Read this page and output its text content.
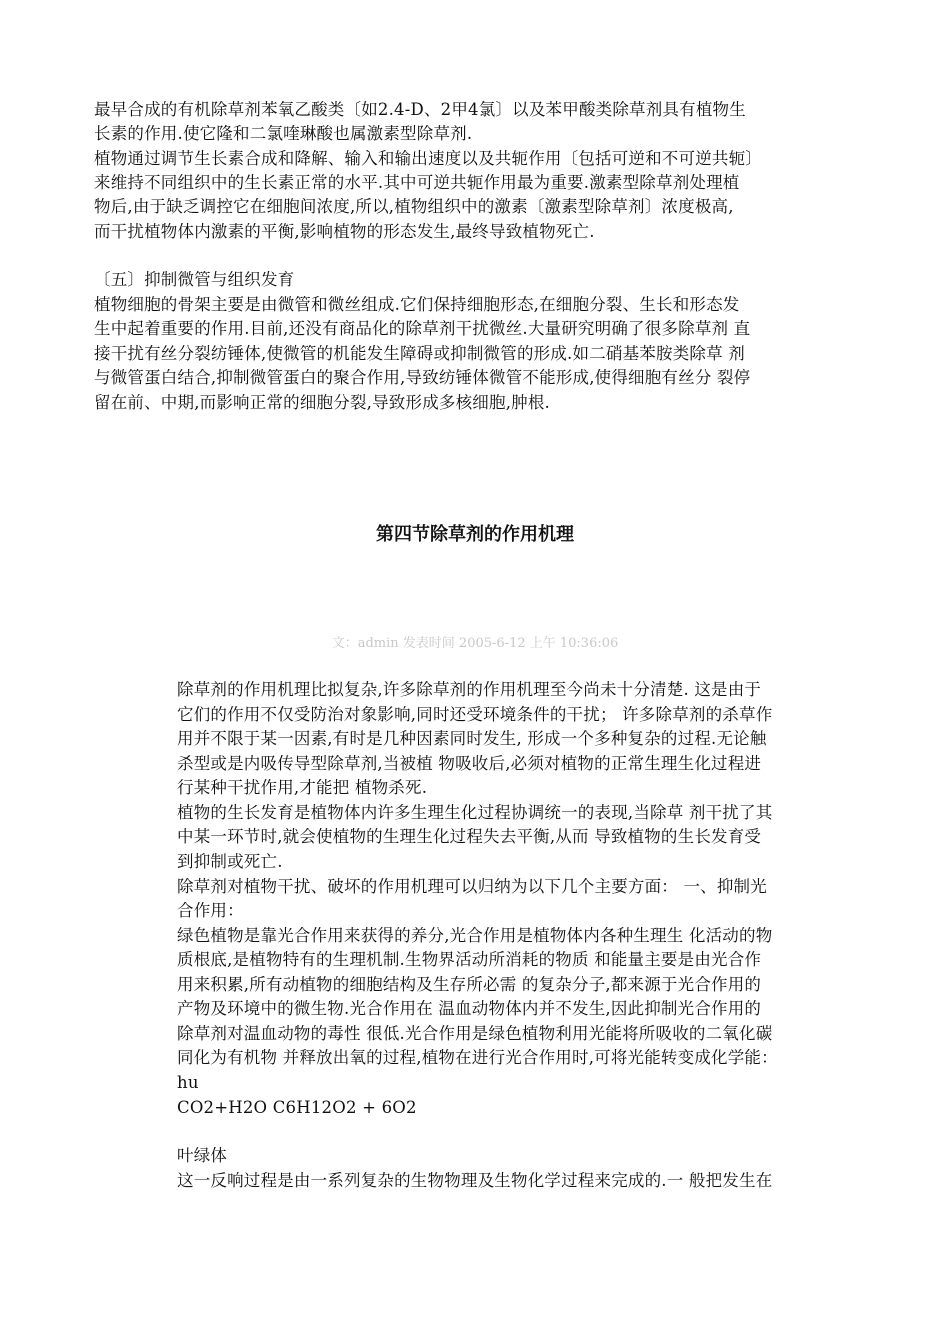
最早合成的有机除草剂苯氧乙酸类〔如2.4-D、2甲4氯〕以及苯甲酸类除草剂具有植物生
长素的作用.使它隆和二氯喹琳酸也属激素型除草剂.
植物通过调节生长素合成和降解、输入和输出速度以及共轭作用〔包括可逆和不可逆共轭〕
来维持不同组织中的生长素正常的水平.其中可逆共轭作用最为重要.激素型除草剂处理植
物后,由于缺乏调控它在细胞间浓度,所以,植物组织中的激素〔激素型除草剂〕浓度极高,
而干扰植物体内激素的平衡,影响植物的形态发生,最终导致植物死亡.
〔五〕抑制微管与组织发育
植物细胞的骨架主要是由微管和微丝组成.它们保持细胞形态,在细胞分裂、生长和形态发
生中起着重要的作用.目前,还没有商品化的除草剂干扰微丝.大量研究明确了很多除草剂 直
接干扰有丝分裂纺锤体,使微管的机能发生障碍或抑制微管的形成.如二硝基苯胺类除草 剂
与微管蛋白结合,抑制微管蛋白的聚合作用,导致纺锤体微管不能形成,使得细胞有丝分 裂停
留在前、中期,而影响正常的细胞分裂,导致形成多核细胞,肿根.
第四节除草剂的作用机理
文：admin 发表时间 2005-6-12 上午 10:36:06
除草剂的作用机理比拟复杂,许多除草剂的作用机理至今尚未十分清楚. 这是由于
它们的作用不仅受防治对象影响,同时还受环境条件的干扰； 许多除草剂的杀草作
用并不限于某一因素,有时是几种因素同时发生, 形成一个多种复杂的过程.无论触
杀型或是内吸传导型除草剂,当被植 物吸收后,必须对植物的正常生理生化过程进
行某种干扰作用,才能把 植物杀死.
植物的生长发育是植物体内许多生理生化过程协调统一的表现,当除草 剂干扰了其
中某一环节时,就会使植物的生理生化过程失去平衡,从而 导致植物的生长发育受
到抑制或死亡.
除草剂对植物干扰、破坏的作用机理可以归纳为以下几个主要方面： 一、抑制光
合作用：
绿色植物是靠光合作用来获得的养分,光合作用是植物体内各种生理生 化活动的物
质根底,是植物特有的生理机制.生物界活动所消耗的物质 和能量主要是由光合作
用来积累,所有动植物的细胞结构及生存所必需 的复杂分子,都来源于光合作用的
产物及环境中的微生物.光合作用在 温血动物体内并不发生,因此抑制光合作用的
除草剂对温血动物的毒性 很低.光合作用是绿色植物利用光能将所吸收的二氧化碳
同化为有机物 并释放出氧的过程,植物在进行光合作用时,可将光能转变成化学能：
hu
CO2+H2O C6H12O2 + 6O2
叶绿体
这一反响过程是由一系列复杂的生物物理及生物化学过程来完成的.一 般把发生在
